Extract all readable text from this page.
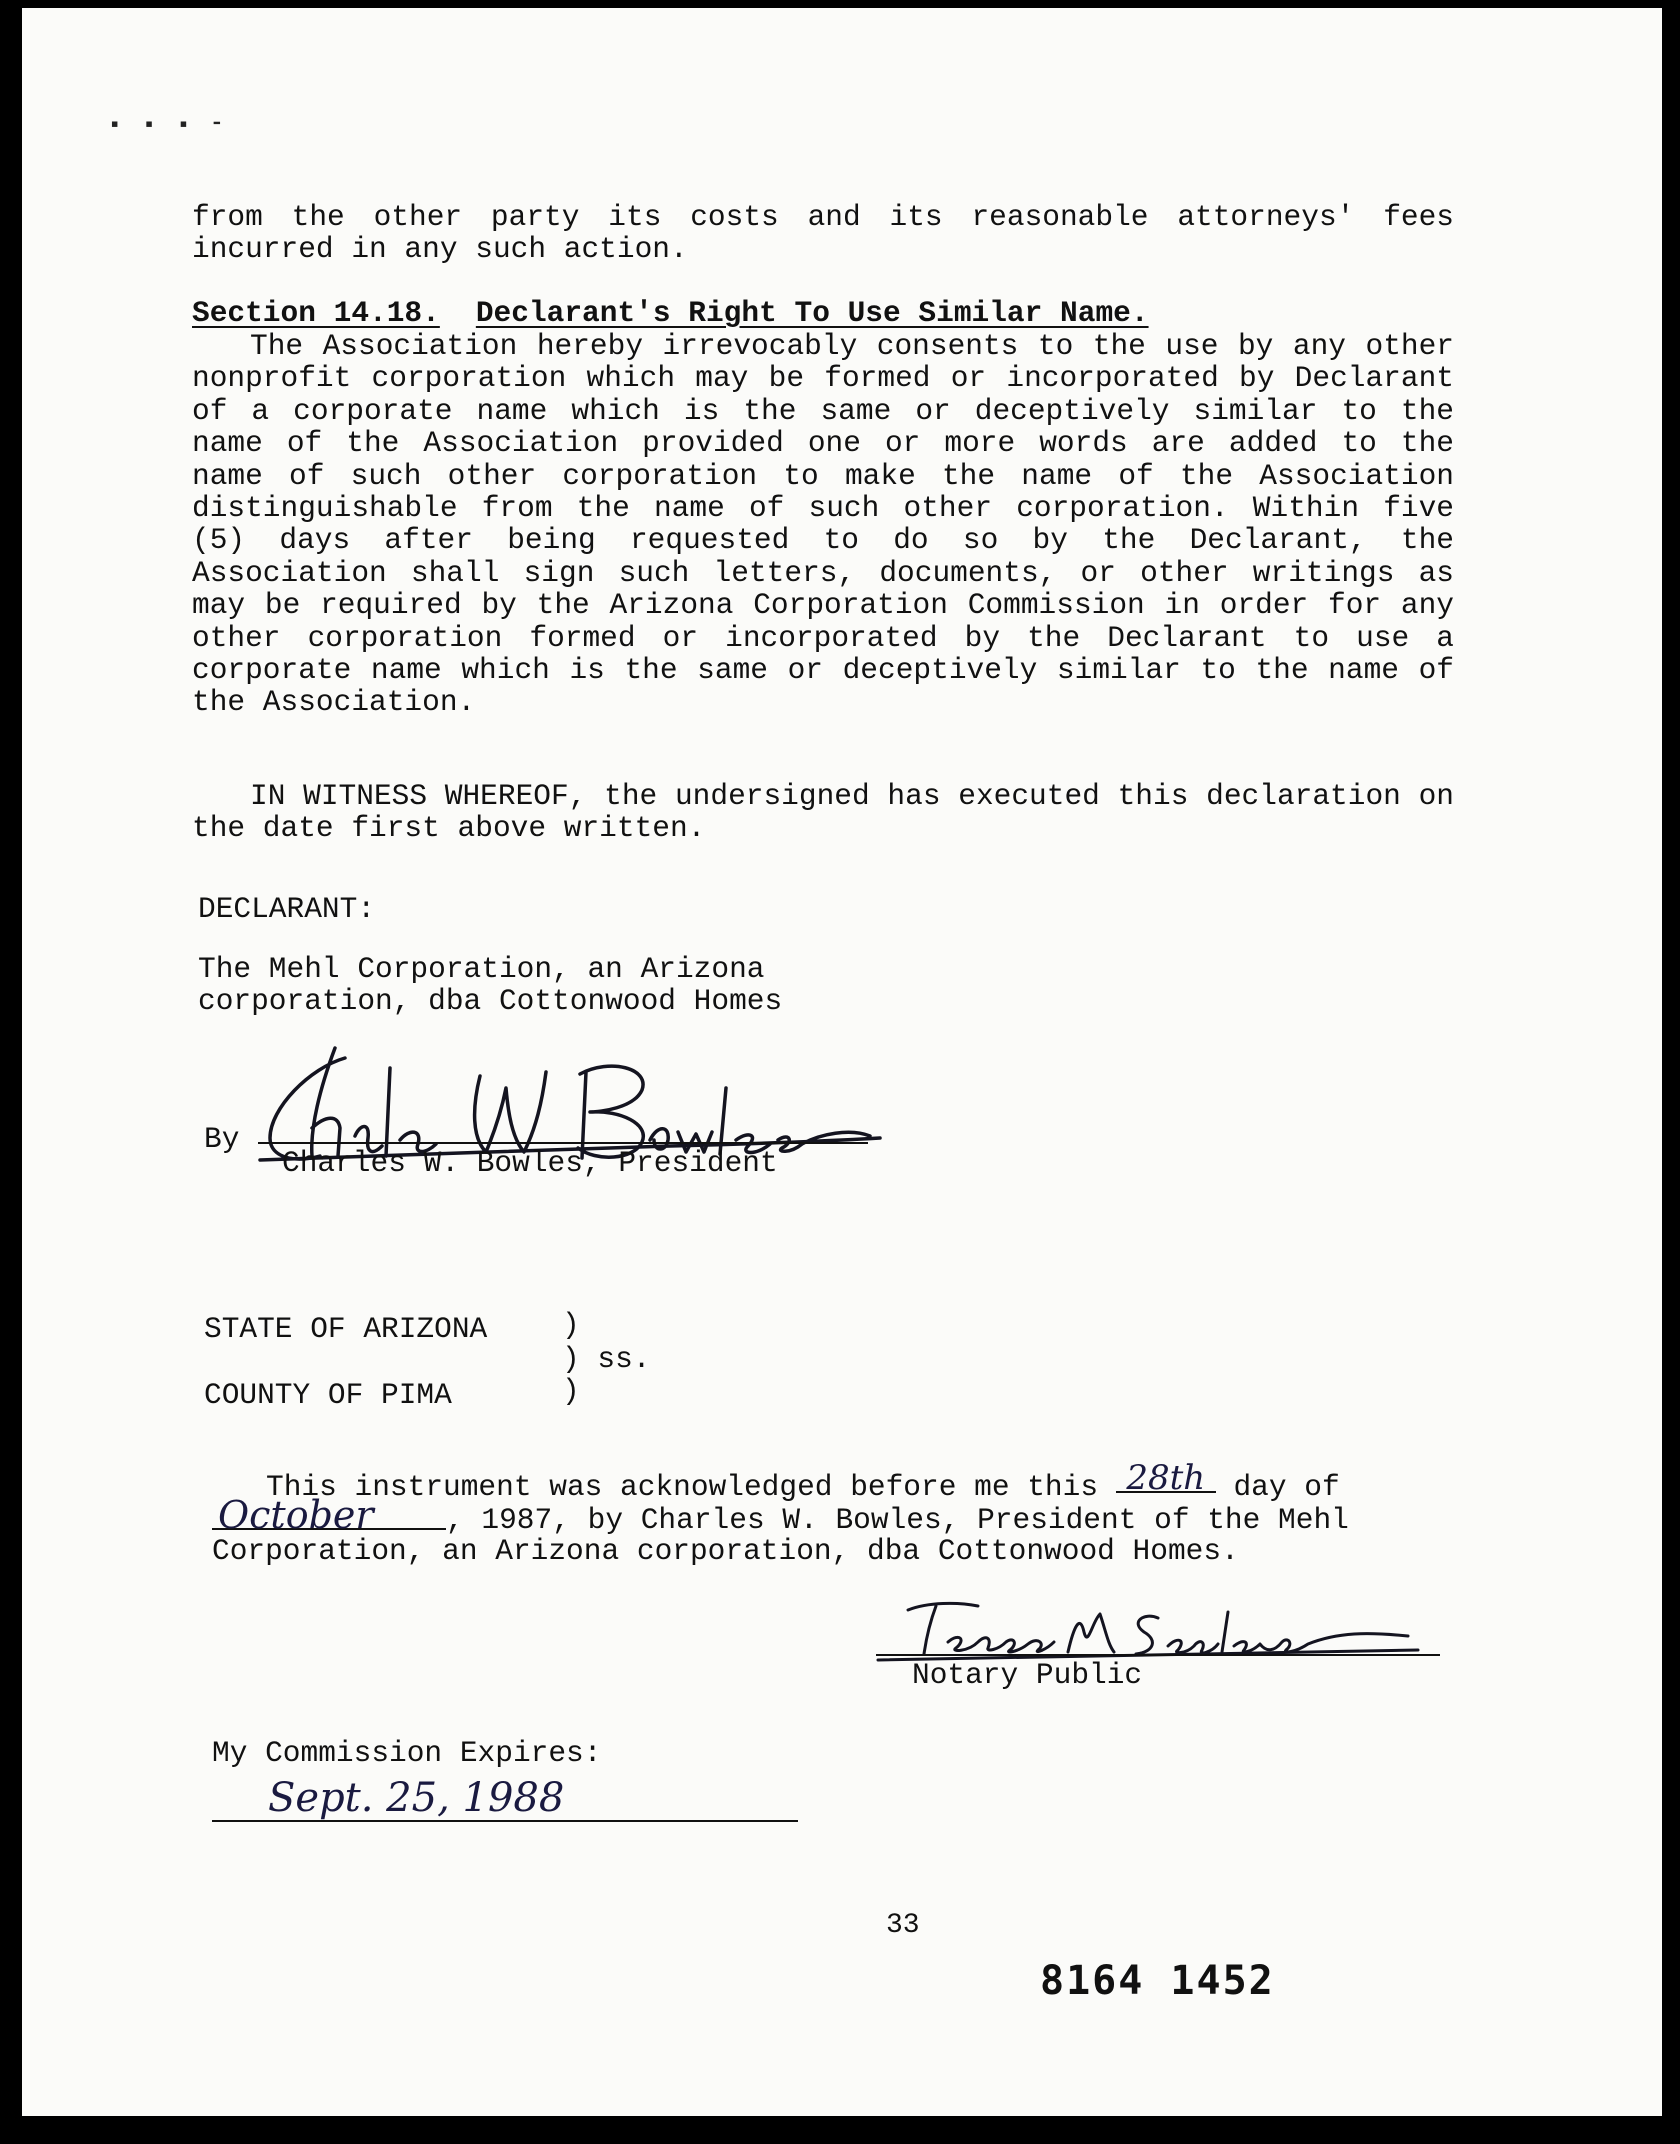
▪ ▪ ▪ ⁃

from the other party its costs and its reasonable attorneys' fees incurred in any such action.

Section 14.18. Declarant's Right To Use Similar Name.

The Association hereby irrevocably consents to the use by any other nonprofit corporation which may be formed or incorporated by Declarant of a corporate name which is the same or deceptively similar to the name of the Association provided one or more words are added to the name of such other corporation to make the name of the Association distinguishable from the name of such other corporation. Within five (5) days after being requested to do so by the Declarant, the Association shall sign such letters, documents, or other writings as may be required by the Arizona Corporation Commission in order for any other corporation formed or incorporated by the Declarant to use a corporate name which is the same or deceptively similar to the name of the Association.

IN WITNESS WHEREOF, the undersigned has executed this declaration on the date first above written.

DECLARANT:
The Mehl Corporation, an Arizona
corporation, dba Cottonwood Homes
By
Charles W. Bowles, President
STATE OF ARIZONA	)
) ss.
COUNTY OF PIMA	)
This instrument was acknowledged before me this 28th day of
October , 1987, by Charles W. Bowles, President of the Mehl
Corporation, an Arizona corporation, dba Cottonwood Homes.
Notary Public
My Commission Expires:
Sept. 25, 1988
33
8164 1452
